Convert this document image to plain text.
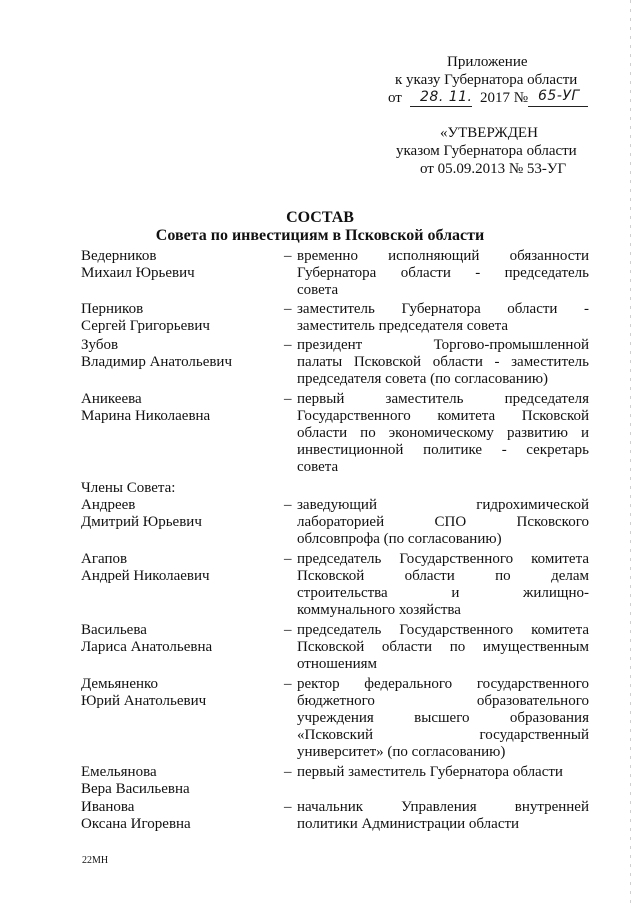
Приложение
к указу Губернатора области
от 28. 11. 2017 № 65-УГ
«УТВЕРЖДЕН
указом Губернатора области
от 05.09.2013 № 53-УГ
СОСТАВ
Совета по инвестициям в Псковской области
Ведерников
Михаил Юрьевич
– временно исполняющий обязанности
Губернатора области - председатель
совета
Перников
Сергей Григорьевич
– заместитель Губернатора области -
заместитель председателя совета
Зубов
Владимир Анатольевич
– президент Торгово-промышленной
палаты Псковской области - заместитель
председателя совета (по согласованию)
Аникеева
Марина Николаевна
– первый заместитель председателя
Государственного комитета Псковской
области по экономическому развитию и
инвестиционной политике - секретарь
совета
Члены Совета:
Андреев
Дмитрий Юрьевич
– заведующий гидрохимической
лабораторией СПО Псковского
облсовпрофа (по согласованию)
Агапов
Андрей Николаевич
– председатель Государственного комитета
Псковской области по делам
строительства и жилищно-
коммунального хозяйства
Васильева
Лариса Анатольевна
– председатель Государственного комитета
Псковской области по имущественным
отношениям
Демьяненко
Юрий Анатольевич
– ректор федерального государственного
бюджетного образовательного
учреждения высшего образования
«Псковский государственный
университет» (по согласованию)
Емельянова
Вера Васильевна
– первый заместитель Губернатора области
Иванова
Оксана Игоревна
– начальник Управления внутренней
политики Администрации области
22МН
